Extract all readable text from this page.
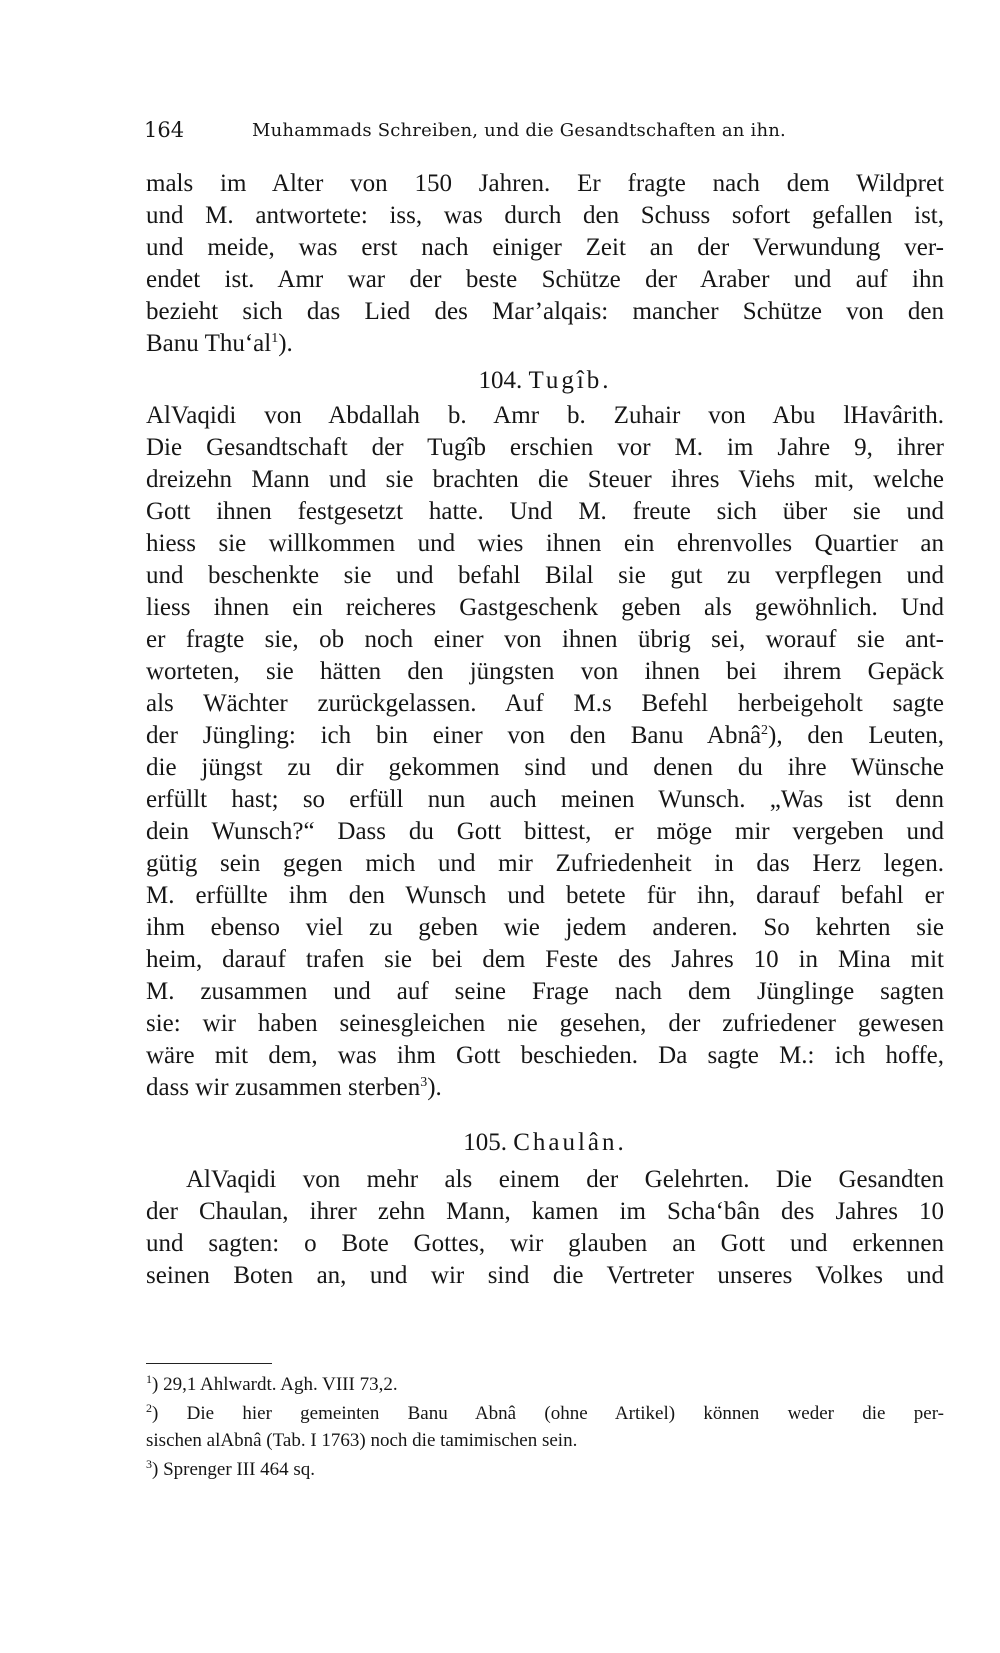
164	Muhammads Schreiben, und die Gesandtschaften an ihn.
mals im Alter von 150 Jahren. Er fragte nach dem Wildpret
und M. antwortete: iss, was durch den Schuss sofort gefallen ist,
und meide, was erst nach einiger Zeit an der Verwundung ver-
endet ist. Amr war der beste Schütze der Araber und auf ihn
bezieht sich das Lied des Mar’alqais: mancher Schütze von den
Banu $Thu‘al^1$).
104. Tugîb.
AlVaqidi von Abdallah b. Amr b. Zuhair von Abu lHavârith.
Die Gesandtschaft der Tugîb erschien vor M. im Jahre 9, ihrer
dreizehn Mann und sie brachten die Steuer ihres Viehs mit, welche
Gott ihnen festgesetzt hatte. Und M. freute sich über sie und
hiess sie willkommen und wies ihnen ein ehrenvolles Quartier an
und beschenkte sie und befahl Bilal sie gut zu verpflegen und
liess ihnen ein reicheres Gastgeschenk geben als gewöhnlich. Und
er fragte sie, ob noch einer von ihnen übrig sei, worauf sie ant-
worteten, sie hätten den jüngsten von ihnen bei ihrem Gepäck
als Wächter zurückgelassen. Auf M.s Befehl herbeigeholt sagte
der Jüngling: ich bin einer von den Banu Abnâ$^2$), den Leuten,
die jüngst zu dir gekommen sind und denen du ihre Wünsche
erfüllt hast; so erfüll nun auch meinen Wunsch. „Was ist denn
dein Wunsch?“ Dass du Gott bittest, er möge mir vergeben und
gütig sein gegen mich und mir Zufriedenheit in das Herz legen.
M. erfüllte ihm den Wunsch und betete für ihn, darauf befahl er
ihm ebenso viel zu geben wie jedem anderen. So kehrten sie
heim, darauf trafen sie bei dem Feste des Jahres 10 in Mina mit
M. zusammen und auf seine Frage nach dem Jünglinge sagten
sie: wir haben seinesgleichen nie gesehen, der zufriedener gewesen
wäre mit dem, was ihm Gott beschieden. Da sagte M.: ich hoffe,
dass wir zusammen sterben$^3$).
105. Chaulân.
AlVaqidi von mehr als einem der Gelehrten. Die Gesandten
der Chaulan, ihrer zehn Mann, kamen im Scha‘bân des Jahres 10
und sagten: o Bote Gottes, wir glauben an Gott und erkennen
seinen Boten an, und wir sind die Vertreter unseres Volkes und
$^1$) 29,1 Ahlwardt. Agh. VIII 73,2.
$^2$) Die hier gemeinten Banu Abnâ (ohne Artikel) können weder die per-
sischen alAbnâ (Tab. I 1763) noch die tamimischen sein.
$^3$) Sprenger III 464 sq.
